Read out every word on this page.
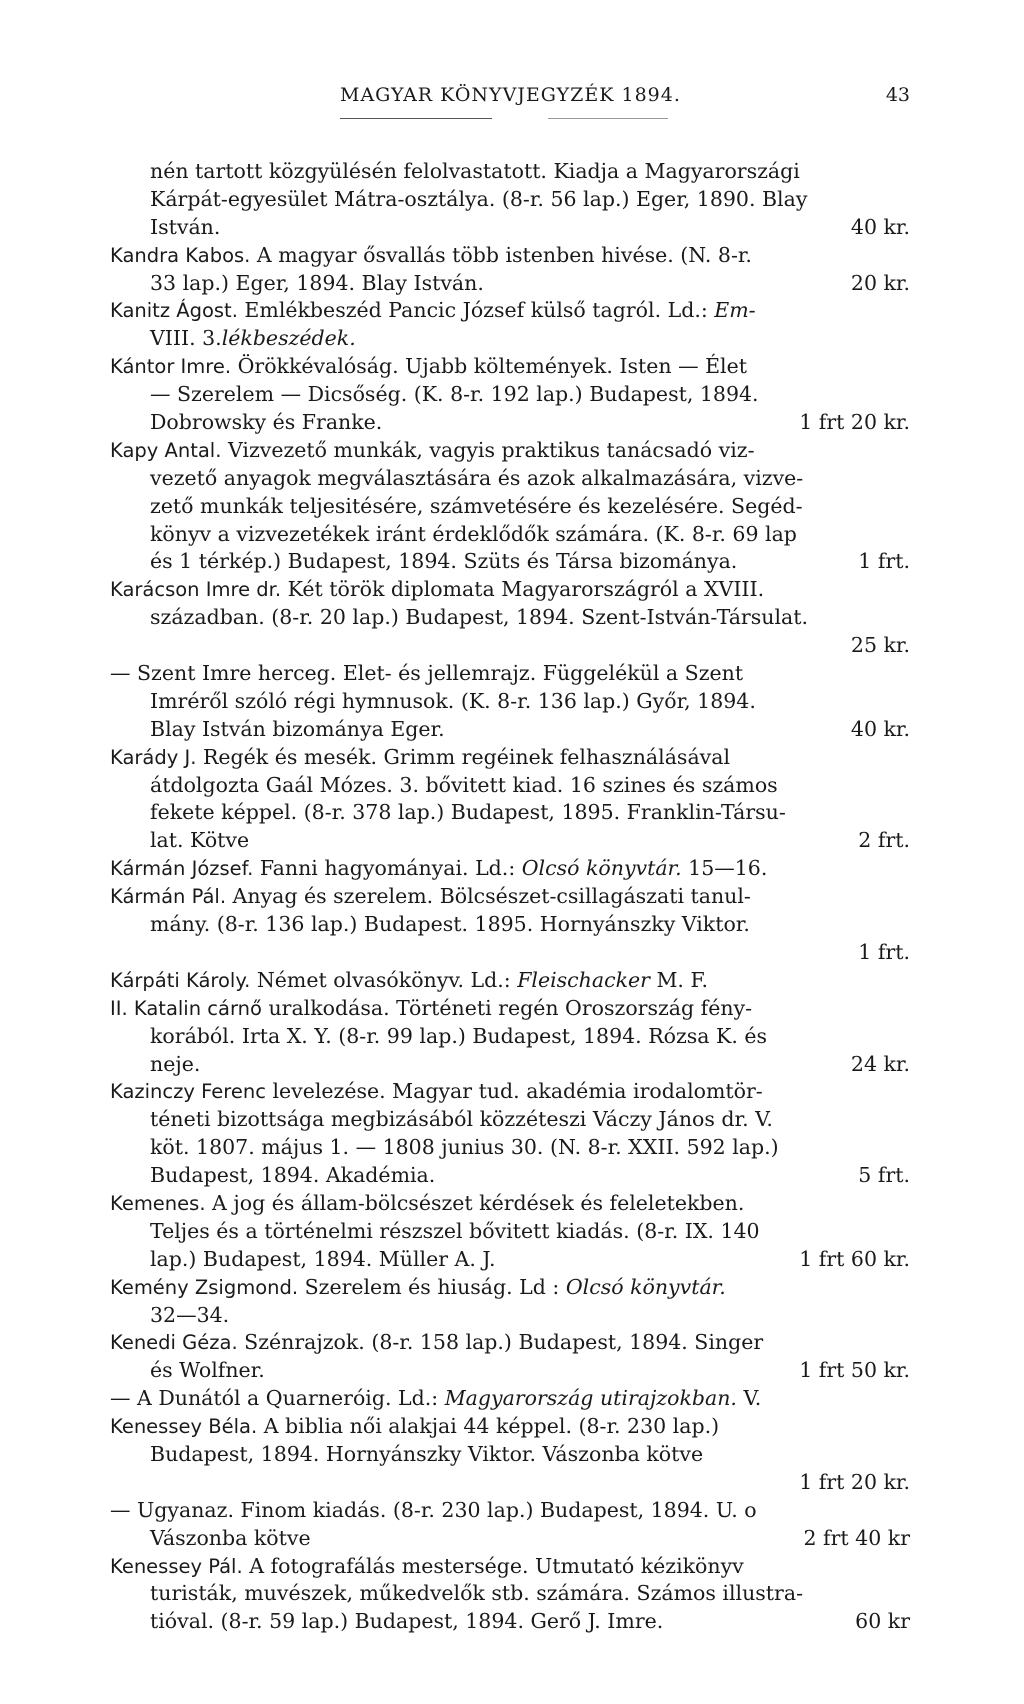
MAGYAR KÖNYVJEGYZÉK 1894.	43
nén tartott közgyülésén felolvastatott. Kiadja a Magyarországi
Kárpát-egyesület Mátra-osztálya. (8-r. 56 lap.) Eger, 1890. Blay
István.	40 kr.
Kandra Kabos. A magyar ősvallás több istenben hivése. (N. 8-r.
33 lap.) Eger, 1894. Blay István.	20 kr.
Kanitz Ágost. Emlékbeszéd Pancic József külső tagról. Ld.: Em-
VIII. 3.lékbeszédek.
Kántor Imre. Örökkévalóság. Ujabb költemények. Isten — Élet
— Szerelem — Dicsőség. (K. 8-r. 192 lap.) Budapest, 1894.
Dobrowsky és Franke.	1 frt 20 kr.
Kapy Antal. Vizvezető munkák, vagyis praktikus tanácsadó viz-
vezető anyagok megválasztására és azok alkalmazására, vizve-
zető munkák teljesitésére, számvetésére és kezelésére. Segéd-
könyv a vizvezetékek iránt érdeklődők számára. (K. 8-r. 69 lap
és 1 térkép.) Budapest, 1894. Szüts és Társa bizománya.	1 frt.
Karácson Imre dr. Két török diplomata Magyarországról a XVIII.
században. (8-r. 20 lap.) Budapest, 1894. Szent-István-Társulat.
25 kr.
— Szent Imre herceg. Elet- és jellemrajz. Függelékül a Szent
Imréről szóló régi hymnusok. (K. 8-r. 136 lap.) Győr, 1894.
Blay István bizománya Eger.	40 kr.
Karády J. Regék és mesék. Grimm regéinek felhasználásával
átdolgozta Gaál Mózes. 3. bővitett kiad. 16 szines és számos
fekete képpel. (8-r. 378 lap.) Budapest, 1895. Franklin-Társu-
lat. Kötve	2 frt.
Kármán József. Fanni hagyományai. Ld.: Olcsó könyvtár. 15—16.
Kármán Pál. Anyag és szerelem. Bölcsészet-csillagászati tanul-
mány. (8-r. 136 lap.) Budapest. 1895. Hornyánszky Viktor.
1 frt.
Kárpáti Károly. Német olvasókönyv. Ld.: Fleischacker M. F.
II. Katalin cárnő uralkodása. Történeti regén Oroszország fény-
korából. Irta X. Y. (8-r. 99 lap.) Budapest, 1894. Rózsa K. és
neje.	24 kr.
Kazinczy Ferenc levelezése. Magyar tud. akadémia irodalomtör-
téneti bizottsága megbizásából közzéteszi Váczy János dr. V.
köt. 1807. május 1. — 1808 junius 30. (N. 8-r. XXII. 592 lap.)
Budapest, 1894. Akadémia.	5 frt.
Kemenes. A jog és állam-bölcsészet kérdések és feleletekben.
Teljes és a történelmi részszel bővitett kiadás. (8-r. IX. 140
lap.) Budapest, 1894. Müller A. J.	1 frt 60 kr.
Kemény Zsigmond. Szerelem és hiuság. Ld : Olcsó könyvtár.
32—34.
Kenedi Géza. Szénrajzok. (8-r. 158 lap.) Budapest, 1894. Singer
és Wolfner.	1 frt 50 kr.
— A Dunától a Quarneróig. Ld.: Magyarország utirajzokban. V.
Kenessey Béla. A biblia női alakjai 44 képpel. (8-r. 230 lap.)
Budapest, 1894. Hornyánszky Viktor. Vászonba kötve
1 frt 20 kr.
— Ugyanaz. Finom kiadás. (8-r. 230 lap.) Budapest, 1894. U. o
Vászonba kötve	2 frt 40 kr
Kenessey Pál. A fotografálás mestersége. Utmutató kézikönyv
turisták, muvészek, műkedvelők stb. számára. Számos illustra-
tióval. (8-r. 59 lap.) Budapest, 1894. Gerő J. Imre.	60 kr
